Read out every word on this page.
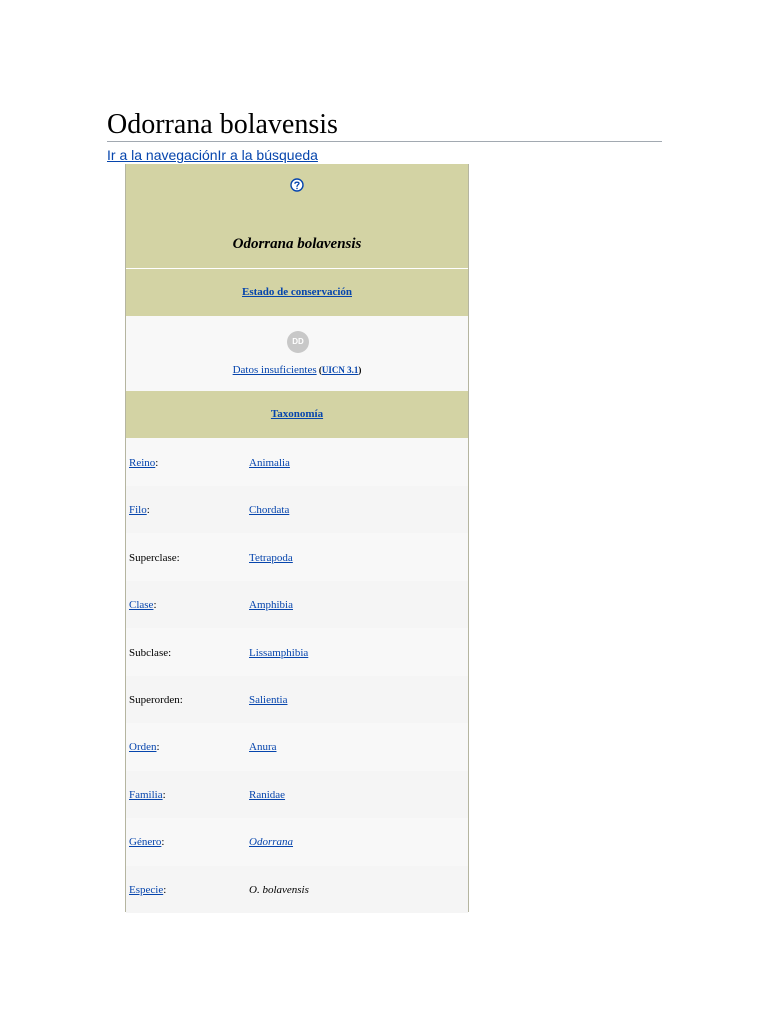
Odorrana bolavensis
Ir a la navegaciónIr a la búsqueda
Odorrana bolavensis
Estado de conservación
DD
Datos insuficientes (UICN 3.1)
Taxonomía
Reino:	Animalia
Filo:	Chordata
Superclase:	Tetrapoda
Clase:	Amphibia
Subclase:	Lissamphibia
Superorden:	Salientia
Orden:	Anura
Familia:	Ranidae
Género:	Odorrana
Especie:	O. bolavensis
